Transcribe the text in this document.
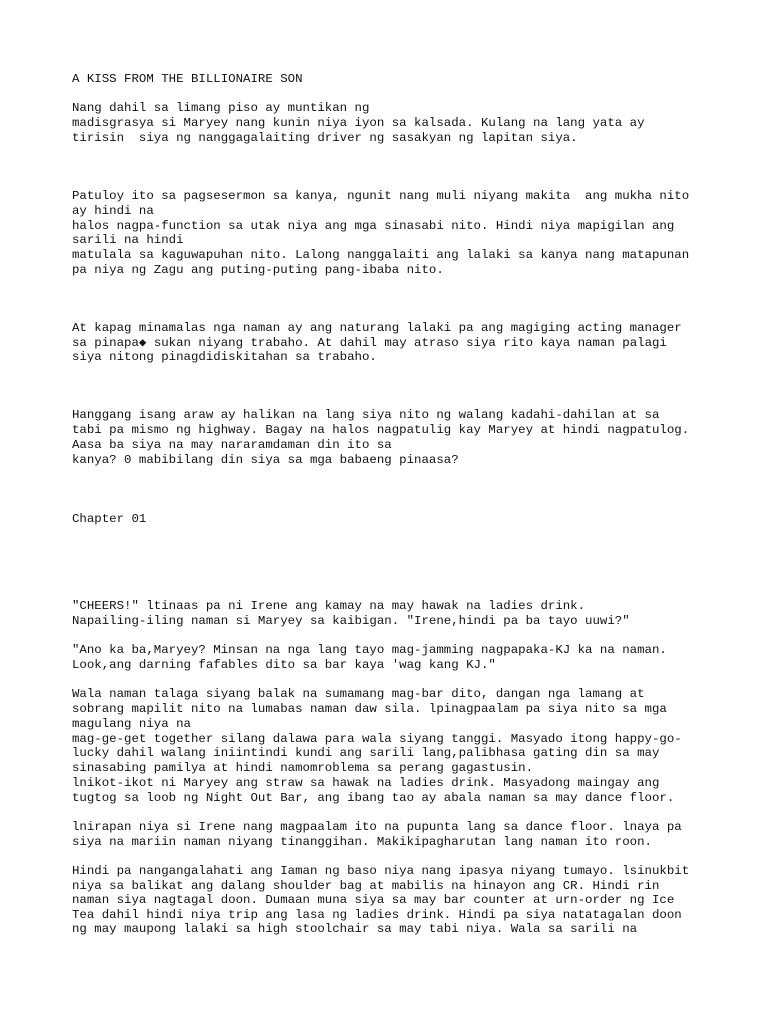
A KISS FROM THE BILLIONAIRE SON
Nang dahil sa limang piso ay muntikan ng
madisgrasya si Maryey nang kunin niya iyon sa kalsada. Kulang na lang yata ay
tirisin  siya ng nanggagalaiting driver ng sasakyan ng lapitan siya.
Patuloy ito sa pagsesermon sa kanya, ngunit nang muli niyang makita  ang mukha nito
ay hindi na
halos nagpa-function sa utak niya ang mga sinasabi nito. Hindi niya mapigilan ang
sarili na hindi
matulala sa kaguwapuhan nito. Lalong nanggalaiti ang lalaki sa kanya nang matapunan
pa niya ng Zagu ang puting-puting pang-ibaba nito.
At kapag minamalas nga naman ay ang naturang lalaki pa ang magiging acting manager
sa pinapa◆ sukan niyang trabaho. At dahil may atraso siya rito kaya naman palagi
siya nitong pinagdidiskitahan sa trabaho.
Hanggang isang araw ay halikan na lang siya nito ng walang kadahi-dahilan at sa
tabi pa mismo ng highway. Bagay na halos nagpatulig kay Maryey at hindi nagpatulog.
Aasa ba siya na may nararamdaman din ito sa
kanya? 0 mabibilang din siya sa mga babaeng pinaasa?
Chapter 01
"CHEERS!" ltinaas pa ni Irene ang kamay na may hawak na ladies drink.
Napailing-iling naman si Maryey sa kaibigan. "Irene,hindi pa ba tayo uuwi?"
"Ano ka ba,Maryey? Minsan na nga lang tayo mag-jamming nagpapaka-KJ ka na naman.
Look,ang darning fafables dito sa bar kaya 'wag kang KJ."
Wala naman talaga siyang balak na sumamang mag-bar dito, dangan nga lamang at
sobrang mapilit nito na lumabas naman daw sila. lpinagpaalam pa siya nito sa mga
magulang niya na
mag-ge-get together silang dalawa para wala siyang tanggi. Masyado itong happy-go-
lucky dahil walang iniintindi kundi ang sarili lang,palibhasa gating din sa may
sinasabing pamilya at hindi namomroblema sa perang gagastusin.
lnikot-ikot ni Maryey ang straw sa hawak na ladies drink. Masyadong maingay ang
tugtog sa loob ng Night Out Bar, ang ibang tao ay abala naman sa may dance floor.
lnirapan niya si Irene nang magpaalam ito na pupunta lang sa dance floor. lnaya pa
siya na mariin naman niyang tinanggihan. Makikipagharutan lang naman ito roon.
Hindi pa nangangalahati ang Iaman ng baso niya nang ipasya niyang tumayo. lsinukbit
niya sa balikat ang dalang shoulder bag at mabilis na hinayon ang CR. Hindi rin
naman siya nagtagal doon. Dumaan muna siya sa may bar counter at urn-order ng Ice
Tea dahil hindi niya trip ang lasa ng ladies drink. Hindi pa siya natatagalan doon
ng may maupong lalaki sa high stoolchair sa may tabi niya. Wala sa sarili na
